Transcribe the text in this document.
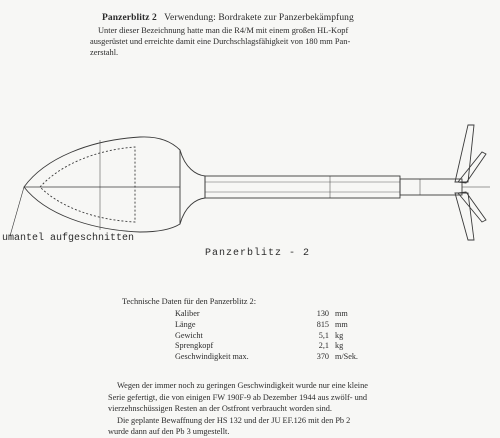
Panzerblitz 2 Verwendung: Bordrakete zur Panzerbekämpfung

Unter dieser Bezeichnung hatte man die R4/M mit einem großen HL-Kopf
ausgerüstet und erreichte damit eine Durchschlagsfähigkeit von 180 mm Pan-
zerstahl.

umantel aufgeschnitten
Panzerblitz - 2
Technische Daten für den Panzerblitz 2:
Kaliber	130 mm
Länge	815 mm
Gewicht	5,1 kg
Sprengkopf	2,1 kg
Geschwindigkeit max.	370 m/Sek.

Wegen der immer noch zu geringen Geschwindigkeit wurde nur eine kleine
Serie gefertigt, die von einigen FW 190F-9 ab Dezember 1944 aus zwölf- und
vierzehnschüssigen Resten an der Ostfront verbraucht worden sind.

Die geplante Bewaffnung der HS 132 und der JU EF.126 mit den Pb 2
wurde dann auf den Pb 3 umgestellt.
